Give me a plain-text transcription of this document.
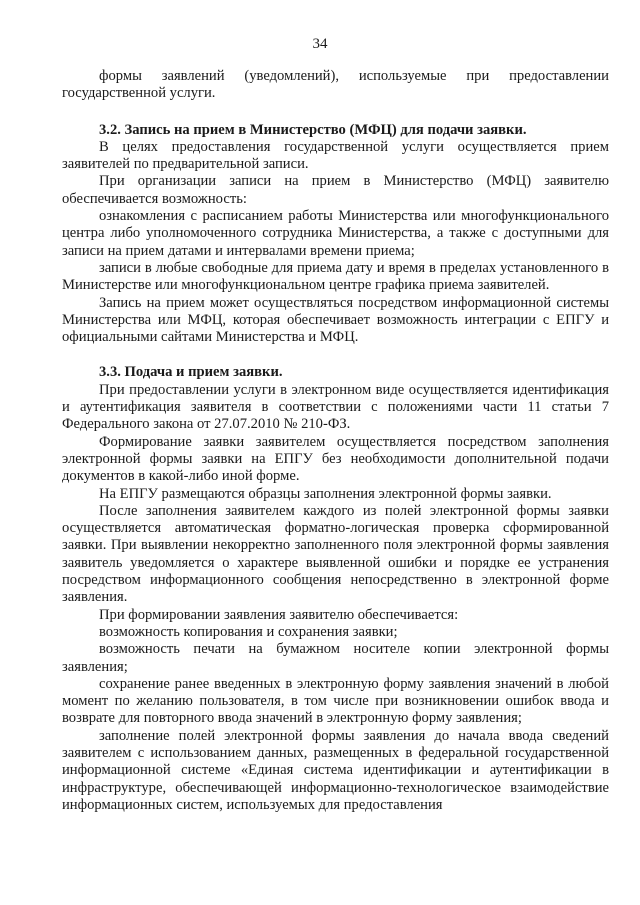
34

формы заявлений (уведомлений), используемые при предоставлении государственной услуги.

3.2. Запись на прием в Министерство (МФЦ) для подачи заявки.

В целях предоставления государственной услуги осуществляется прием заявителей по предварительной записи.

При организации записи на прием в Министерство (МФЦ) заявителю обеспечивается возможность:

ознакомления с расписанием работы Министерства или многофункционального центра либо уполномоченного сотрудника Министерства, а также с доступными для записи на прием датами и интервалами времени приема;

записи в любые свободные для приема дату и время в пределах установленного в Министерстве или многофункциональном центре графика приема заявителей.

Запись на прием может осуществляться посредством информационной системы Министерства или МФЦ, которая обеспечивает возможность интеграции с ЕПГУ и официальными сайтами Министерства и МФЦ.

3.3. Подача и прием заявки.

При предоставлении услуги в электронном виде осуществляется идентификация и аутентификация заявителя в соответствии с положениями части 11 статьи 7 Федерального закона от 27.07.2010 № 210-ФЗ.

Формирование заявки заявителем осуществляется посредством заполнения электронной формы заявки на ЕПГУ без необходимости дополнительной подачи документов в какой-либо иной форме.

На ЕПГУ размещаются образцы заполнения электронной формы заявки.

После заполнения заявителем каждого из полей электронной формы заявки осуществляется автоматическая форматно-логическая проверка сформированной заявки. При выявлении некорректно заполненного поля электронной формы заявления заявитель уведомляется о характере выявленной ошибки и порядке ее устранения посредством информационного сообщения непосредственно в электронной форме заявления.

При формировании заявления заявителю обеспечивается:

возможность копирования и сохранения заявки;

возможность печати на бумажном носителе копии электронной формы заявления;

сохранение ранее введенных в электронную форму заявления значений в любой момент по желанию пользователя, в том числе при возникновении ошибок ввода и возврате для повторного ввода значений в электронную форму заявления;

заполнение полей электронной формы заявления до начала ввода сведений заявителем с использованием данных, размещенных в федеральной государственной информационной системе «Единая система идентификации и аутентификации в инфраструктуре, обеспечивающей информационно-технологическое взаимодействие информационных систем, используемых для предоставления
